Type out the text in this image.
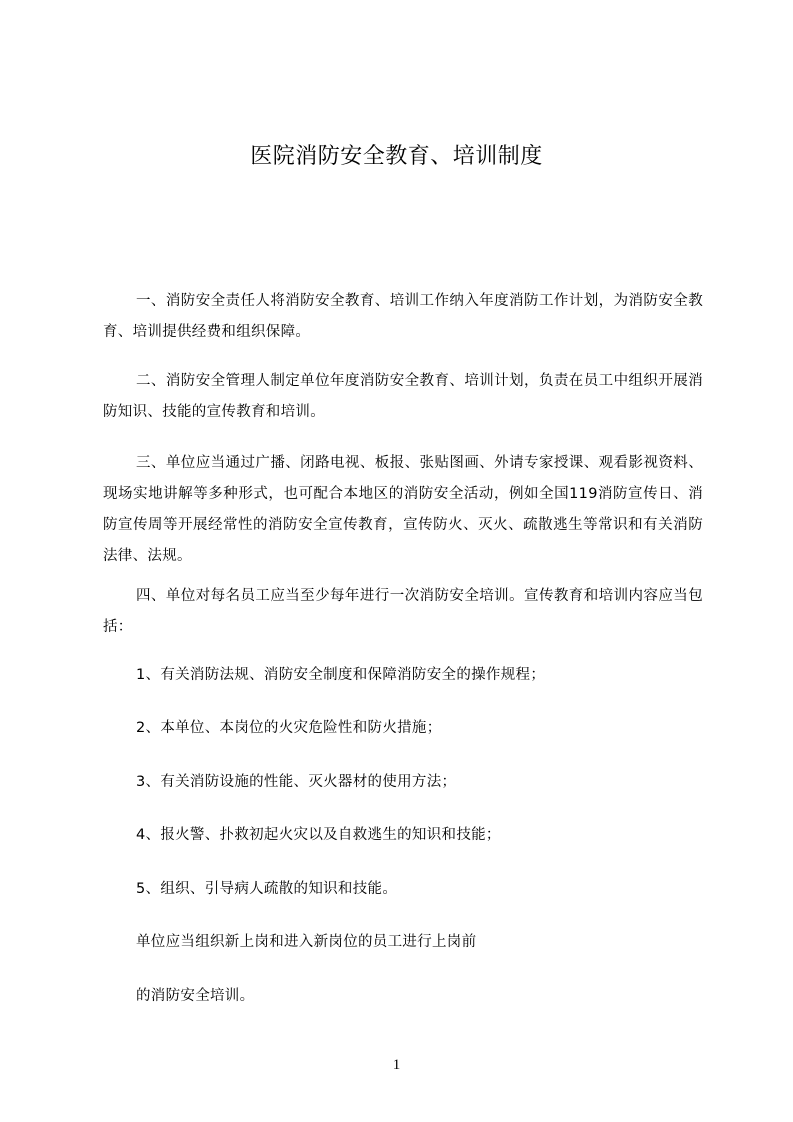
医院消防安全教育、培训制度

一、消防安全责任人将消防安全教育、培训工作纳入年度消防工作计划，为消防安全教育、培训提供经费和组织保障。

二、消防安全管理人制定单位年度消防安全教育、培训计划，负责在员工中组织开展消防知识、技能的宣传教育和培训。

三、单位应当通过广播、闭路电视、板报、张贴图画、外请专家授课、观看影视资料、现场实地讲解等多种形式，也可配合本地区的消防安全活动，例如全国119消防宣传日、消防宣传周等开展经常性的消防安全宣传教育，宣传防火、灭火、疏散逃生等常识和有关消防法律、法规。

四、单位对每名员工应当至少每年进行一次消防安全培训。宣传教育和培训内容应当包括：

1、有关消防法规、消防安全制度和保障消防安全的操作规程；

2、本单位、本岗位的火灾危险性和防火措施；

3、有关消防设施的性能、灭火器材的使用方法；

4、报火警、扑救初起火灾以及自救逃生的知识和技能；

5、组织、引导病人疏散的知识和技能。

单位应当组织新上岗和进入新岗位的员工进行上岗前

的消防安全培训。

1
